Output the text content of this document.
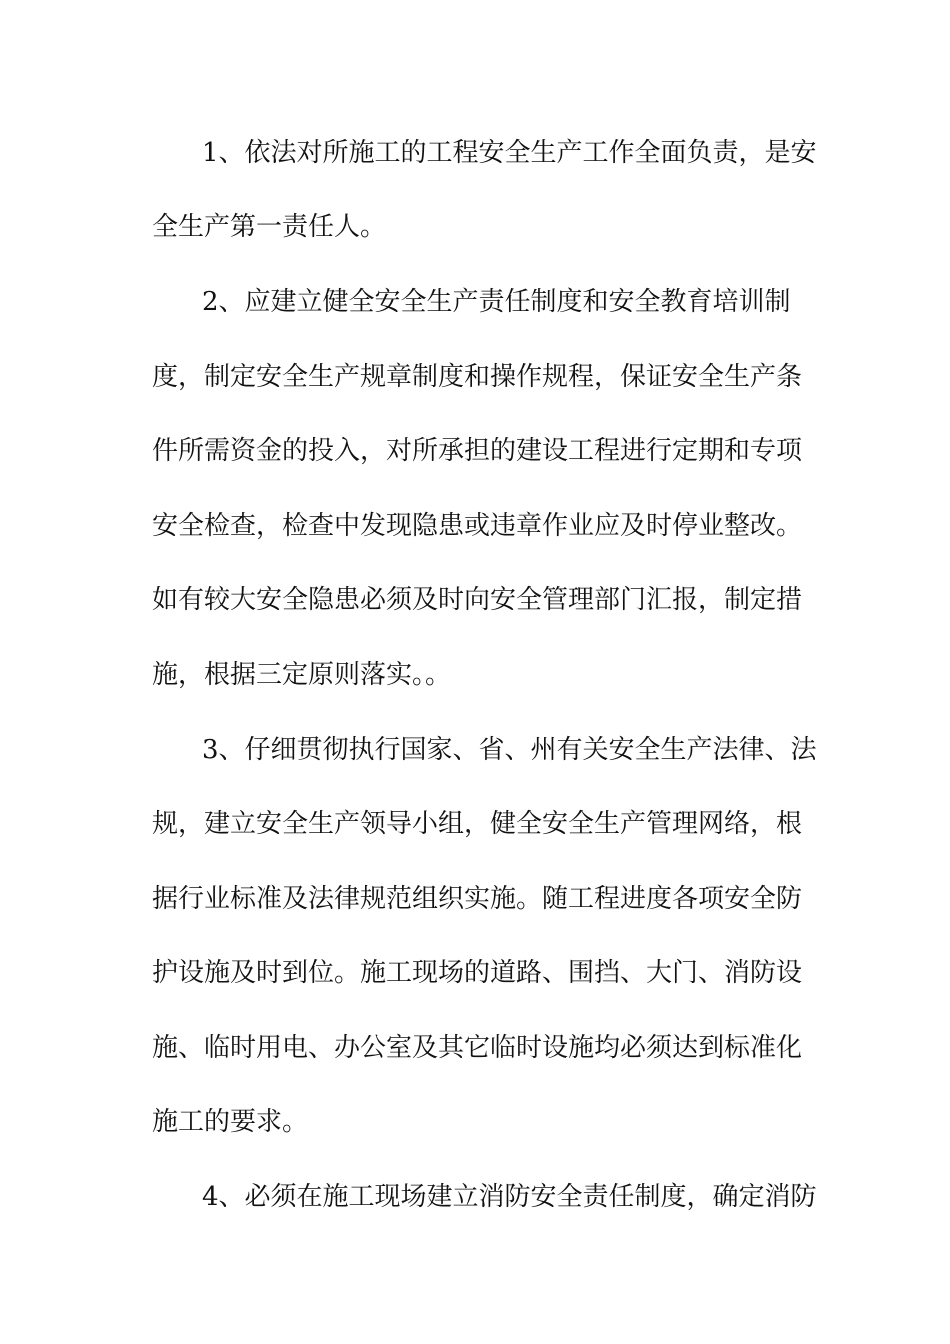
1、依法对所施工的工程安全生产工作全面负责，是安
全生产第一责任人。
2、应建立健全安全生产责任制度和安全教育培训制
度，制定安全生产规章制度和操作规程，保证安全生产条
件所需资金的投入，对所承担的建设工程进行定期和专项
安全检查，检查中发现隐患或违章作业应及时停业整改。
如有较大安全隐患必须及时向安全管理部门汇报，制定措
施，根据三定原则落实。。
3、仔细贯彻执行国家、省、州有关安全生产法律、法
规，建立安全生产领导小组，健全安全生产管理网络，根
据行业标准及法律规范组织实施。随工程进度各项安全防
护设施及时到位。施工现场的道路、围挡、大门、消防设
施、临时用电、办公室及其它临时设施均必须达到标准化
施工的要求。
4、必须在施工现场建立消防安全责任制度，确定消防
